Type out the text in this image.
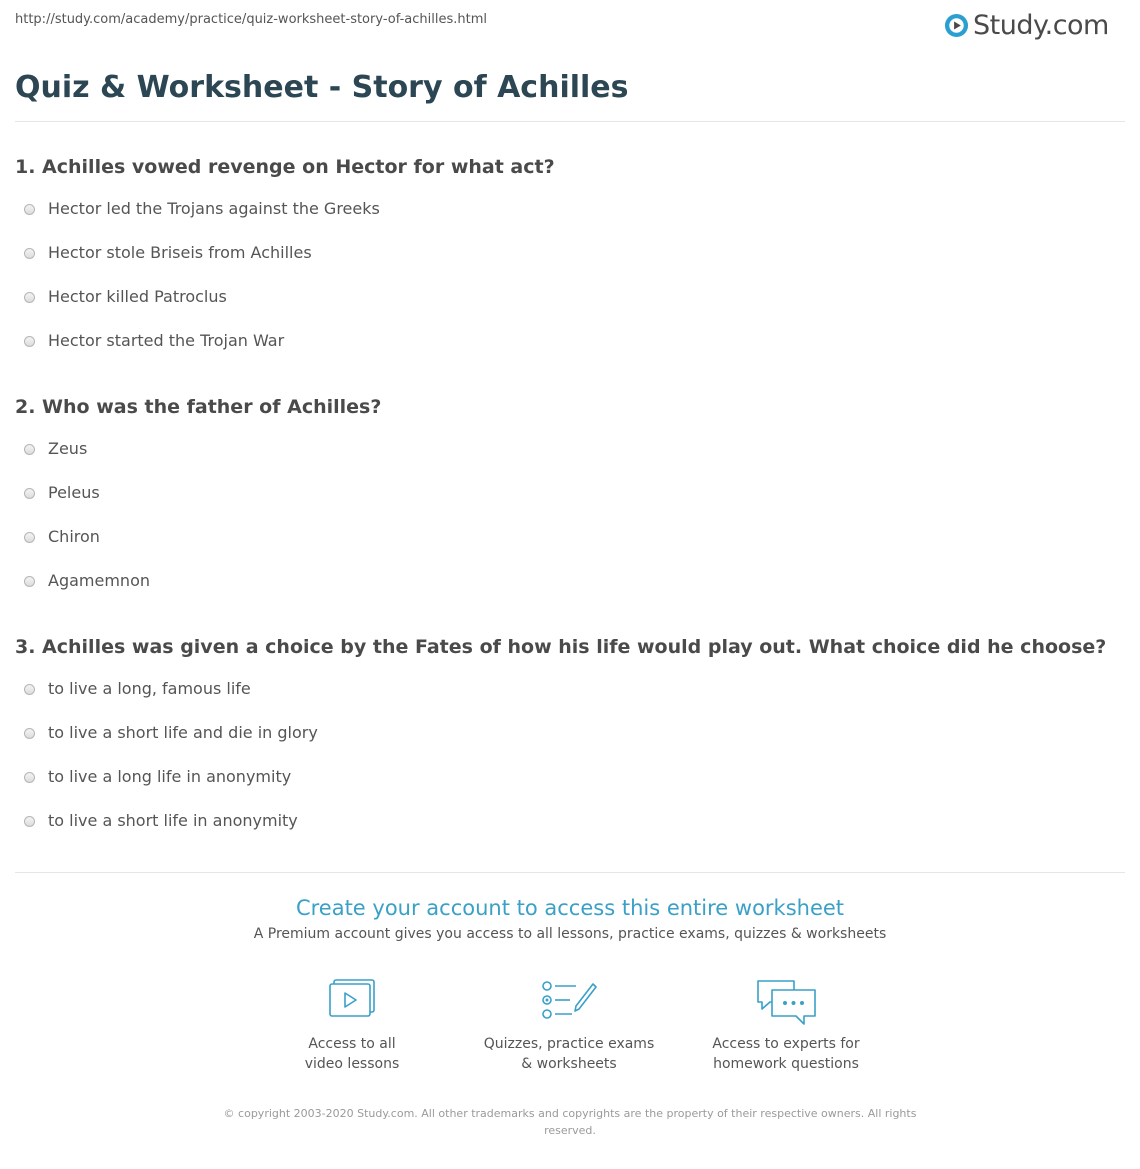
http://study.com/academy/practice/quiz-worksheet-story-of-achilles.html	Study.com
Quiz & Worksheet - Story of Achilles
1. Achilles vowed revenge on Hector for what act?
Hector led the Trojans against the Greeks
Hector stole Briseis from Achilles
Hector killed Patroclus
Hector started the Trojan War
2. Who was the father of Achilles?
Zeus
Peleus
Chiron
Agamemnon
3. Achilles was given a choice by the Fates of how his life would play out. What choice did he choose?
to live a long, famous life
to live a short life and die in glory
to live a long life in anonymity
to live a short life in anonymity
Create your account to access this entire worksheet
A Premium account gives you access to all lessons, practice exams, quizzes & worksheets
Access to all
video lessons
Quizzes, practice exams
& worksheets
Access to experts for
homework questions
© copyright 2003-2020 Study.com. All other trademarks and copyrights are the property of their respective owners. All rights reserved.
